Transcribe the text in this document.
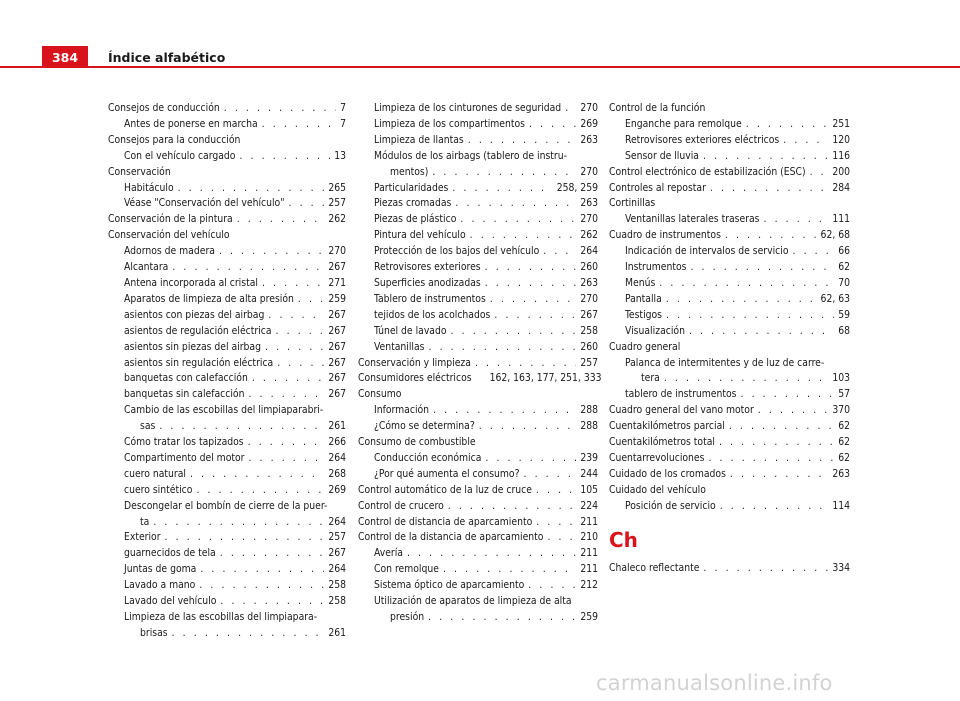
384	Índice alfabético
Consejos de conducción . . .	7
Antes de ponerse en marcha . . .	7
Consejos para la conducción
Con el vehículo cargado . . .	13
Conservación
Habitáculo . . .	265
Véase "Conservación del vehículo" . . .	257
Conservación de la pintura . . .	262
Conservación del vehículo
Adornos de madera . . .	270
Alcantara . . .	267
Antena incorporada al cristal . . .	271
Aparatos de limpieza de alta presión . . .	259
asientos con piezas del airbag . . .	267
asientos de regulación eléctrica . . .	267
asientos sin piezas del airbag . . .	267
asientos sin regulación eléctrica . . .	267
banquetas con calefacción . . .	267
banquetas sin calefacción . . .	267
Cambio de las escobillas del limpiaparabri-
sas . . .	261
Cómo tratar los tapizados . . .	266
Compartimento del motor . . .	264
cuero natural . . .	268
cuero sintético . . .	269
Descongelar el bombín de cierre de la puer-
ta . . .	264
Exterior . . .	257
guarnecidos de tela . . .	267
Juntas de goma . . .	264
Lavado a mano . . .	258
Lavado del vehículo . . .	258
Limpieza de las escobillas del limpiapara-
brisas . . .	261
Limpieza de los cinturones de seguridad . . . 270
Limpieza de los compartimentos . . .	269
Limpieza de llantas . . .	263
Módulos de los airbags (tablero de instru-
mentos) . . .	270
Particularidades . . .	258, 259
Piezas cromadas . . .	263
Piezas de plástico . . .	270
Pintura del vehículo . . .	262
Protección de los bajos del vehículo . . .	264
Retrovisores exteriores . . .	260
Superficies anodizadas . . .	263
Tablero de instrumentos . . .	270
tejidos de los acolchados . . .	267
Túnel de lavado . . .	258
Ventanillas . . .	260
Conservación y limpieza . . .	257
Consumidores eléctricos 162, 163, 177, 251, 333
Consumo
Información . . .	288
¿Cómo se determina? . . .	288
Consumo de combustible
Conducción económica . . .	239
¿Por qué aumenta el consumo? . . .	244
Control automático de la luz de cruce . . .	105
Control de crucero . . .	224
Control de distancia de aparcamiento . . .	211
Control de la distancia de aparcamiento . . .	210
Avería . . .	211
Con remolque . . .	211
Sistema óptico de aparcamiento . . .	212
Utilización de aparatos de limpieza de alta
presión . . .	259
Control de la función
Enganche para remolque . . .	251
Retrovisores exteriores eléctricos . . .	120
Sensor de lluvia . . .	116
Control electrónico de estabilización (ESC) . . .	200
Controles al repostar . . .	284
Cortinillas
Ventanillas laterales traseras . . .	111
Cuadro de instrumentos . . .	62, 68
Indicación de intervalos de servicio . . .	66
Instrumentos . . .	62
Menús . . .	70
Pantalla . . .	62, 63
Testigos . . .	59
Visualización . . .	68
Cuadro general
Palanca de intermitentes y de luz de carre-
tera . . .	103
tablero de instrumentos . . .	57
Cuadro general del vano motor . . .	370
Cuentakilómetros parcial . . .	62
Cuentakilómetros total . . .	62
Cuentarrevoluciones . . .	62
Cuidado de los cromados . . .	263
Cuidado del vehículo
Posición de servicio . . .	114
Ch
Chaleco reflectante . . .	334
carmanualsonline.info
